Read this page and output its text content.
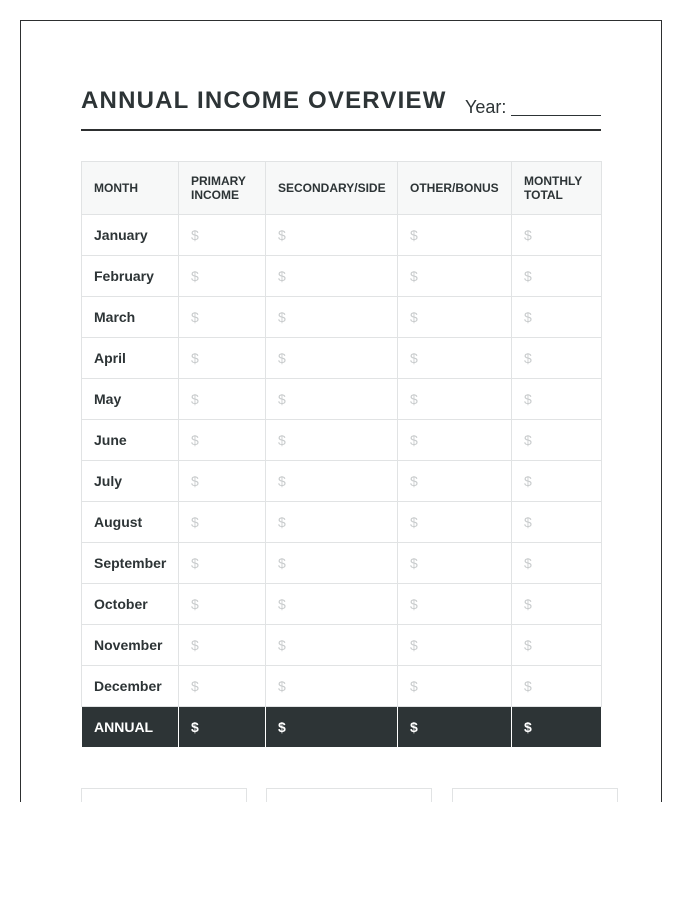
ANNUAL INCOME OVERVIEW Year:
MONTH	PRIMARY INCOME	SECONDARY/SIDE	OTHER/BONUS	MONTHLY TOTAL
January	$	$	$	$
February	$	$	$	$
March	$	$	$	$
April	$	$	$	$
May	$	$	$	$
June	$	$	$	$
July	$	$	$	$
August	$	$	$	$
September	$	$	$	$
October	$	$	$	$
November	$	$	$	$
December	$	$	$	$
ANNUAL	$	$	$	$
